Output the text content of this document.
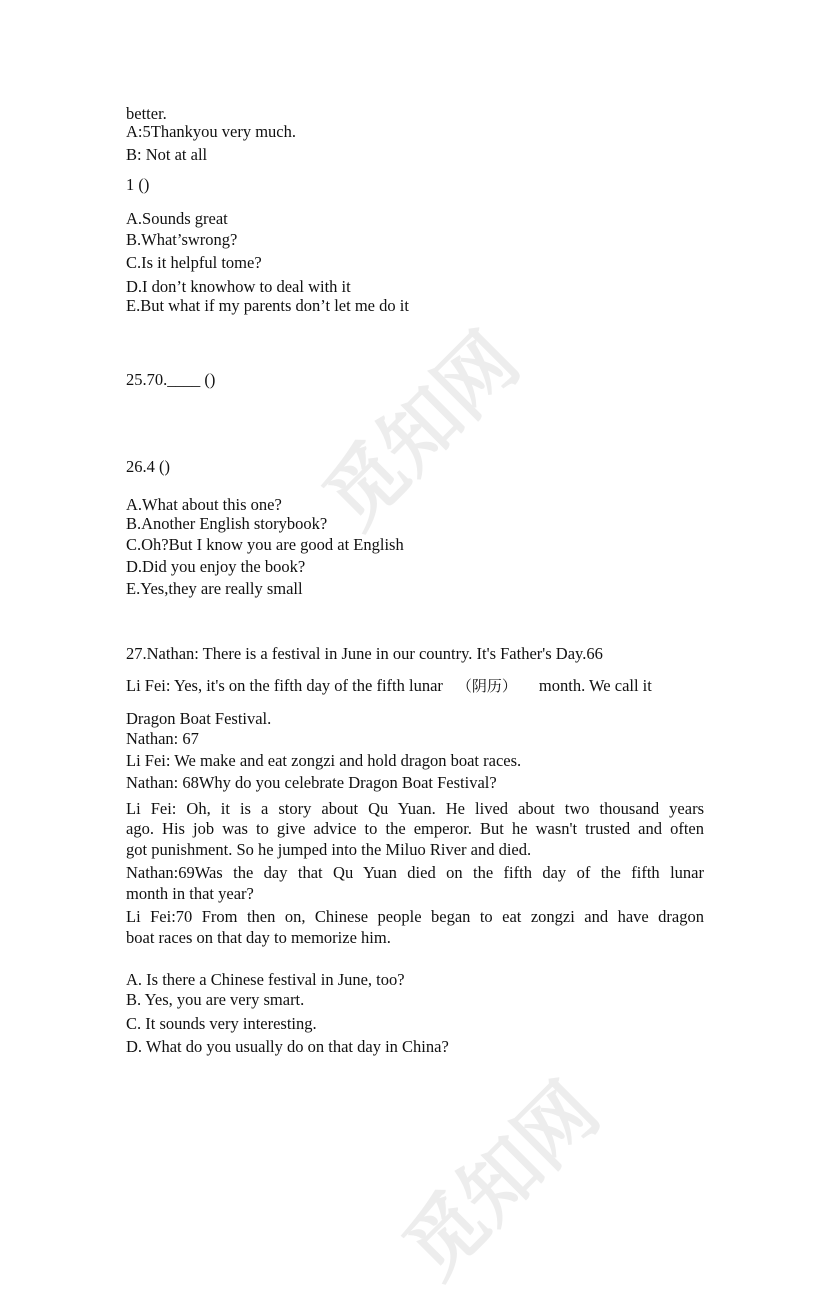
觅知网
觅知网
better.
A:5Thankyou very much.
B: Not at all
1 ()
A.Sounds great
B.What’swrong?
C.Is it helpful tome?
D.I don’t knowhow to deal with it
E.But what if my parents don’t let me do it
25.70.____ ()
26.4 ()
A.What about this one?
B.Another English storybook?
C.Oh?But I know you are good at English
D.Did you enjoy the book?
E.Yes,they are really small
27.Nathan: There is a festival in June in our country. It's Father's Day.66
Li Fei: Yes, it's on the fifth day of the fifth lunar （阴历） month. We call it
Dragon Boat Festival.
Nathan: 67
Li Fei: We make and eat zongzi and hold dragon boat races.
Nathan: 68Why do you celebrate Dragon Boat Festival?
Li Fei: Oh, it is a story about Qu Yuan. He lived about two thousand years
ago. His job was to give advice to the emperor. But he wasn't trusted and often
got punishment. So he jumped into the Miluo River and died.
Nathan:69Was the day that Qu Yuan died on the fifth day of the fifth lunar
month in that year?
Li Fei:70 From then on, Chinese people began to eat zongzi and have dragon
boat races on that day to memorize him.
A. Is there a Chinese festival in June, too?
B. Yes, you are very smart.
C. It sounds very interesting.
D. What do you usually do on that day in China?
